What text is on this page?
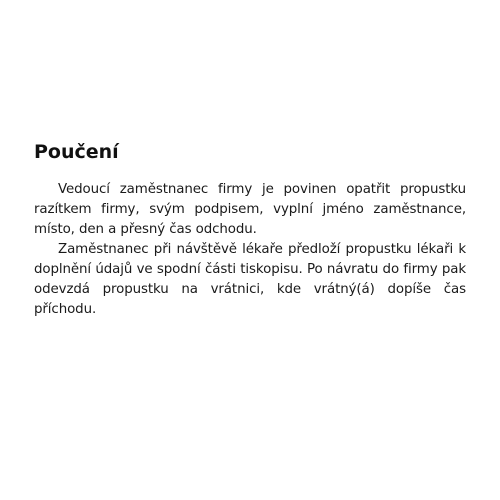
Poučení

Vedoucí zaměstnanec firmy je povinen opatřit propustku razítkem firmy, svým podpisem, vyplní jméno zaměstnance, místo, den a přesný čas odchodu.

Zaměstnanec při návštěvě lékaře předloží propustku lékaři k doplnění údajů ve spodní části tiskopisu. Po návratu do firmy pak odevzdá propustku na vrátnici, kde vrátný(á) dopíše čas příchodu.
